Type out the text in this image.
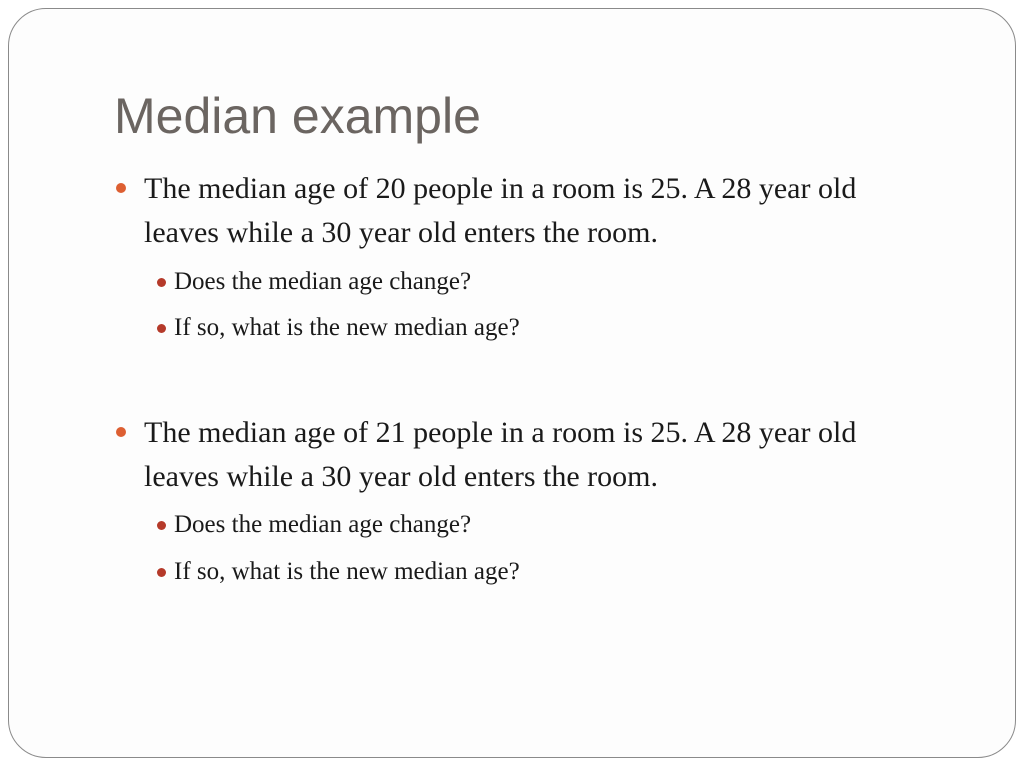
Median example
The median age of 20 people in a room is 25. A 28 year old
leaves while a 30 year old enters the room.
Does the median age change?
If so, what is the new median age?
The median age of 21 people in a room is 25. A 28 year old
leaves while a 30 year old enters the room.
Does the median age change?
If so, what is the new median age?
